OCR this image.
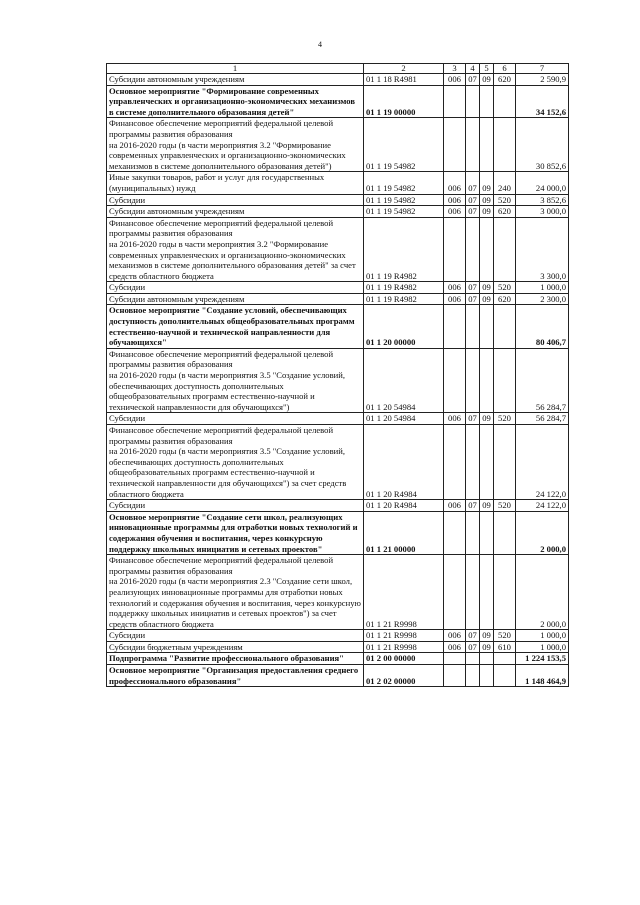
4
1	2	3	4	5	6	7
Субсидии автономным учреждениям	01 1 18 R4981	006	07	09	620	2 590,9
Основное мероприятие "Формирование современных управленческих и организационно-экономических механизмов в системе дополнительного образования детей"	01 1 19 00000					34 152,6
Финансовое обеспечение мероприятий федеральной целевой программы развития образования
на 2016-2020 годы (в части мероприятия 3.2 "Формирование современных управленческих и организационно-экономических механизмов в системе дополнительного образования детей")	01 1 19 54982					30 852,6
Иные закупки товаров, работ и услуг для государственных (муниципальных) нужд	01 1 19 54982	006	07	09	240	24 000,0
Субсидии	01 1 19 54982	006	07	09	520	3 852,6
Субсидии автономным учреждениям	01 1 19 54982	006	07	09	620	3 000,0
Финансовое обеспечение мероприятий федеральной целевой программы развития образования
на 2016-2020 годы в части мероприятия 3.2 "Формирование современных управленческих и организационно-экономических механизмов в системе дополнительного образования детей" за счет средств областного бюджета	01 1 19 R4982					3 300,0
Субсидии	01 1 19 R4982	006	07	09	520	1 000,0
Субсидии автономным учреждениям	01 1 19 R4982	006	07	09	620	2 300,0
Основное мероприятие "Создание условий, обеспечивающих доступность дополнительных общеобразовательных программ естественно-научной и технической направленности для обучающихся"	01 1 20 00000					80 406,7
Финансовое обеспечение мероприятий федеральной целевой программы развития образования
на 2016-2020 годы (в части мероприятия 3.5 "Создание условий, обеспечивающих доступность дополнительных общеобразовательных программ естественно-научной и технической направленности для обучающихся")	01 1 20 54984					56 284,7
Субсидии	01 1 20 54984	006	07	09	520	56 284,7
Финансовое обеспечение мероприятий федеральной целевой программы развития образования
на 2016-2020 годы (в части мероприятия 3.5 "Создание условий, обеспечивающих доступность дополнительных общеобразовательных программ естественно-научной и технической направленности для обучающихся") за счет средств областного бюджета	01 1 20 R4984					24 122,0
Субсидии	01 1 20 R4984	006	07	09	520	24 122,0
Основное мероприятие "Создание сети школ, реализующих инновационные программы для отработки новых технологий и содержания обучения и воспитания, через конкурсную поддержку школьных инициатив и сетевых проектов"	01 1 21 00000					2 000,0
Финансовое обеспечение мероприятий федеральной целевой программы развития образования
на 2016-2020 годы (в части мероприятия 2.3 "Создание сети школ, реализующих инновационные программы для отработки новых технологий и содержания обучения и воспитания, через конкурсную поддержку школьных инициатив и сетевых проектов") за счет средств областного бюджета	01 1 21 R9998					2 000,0
Субсидии	01 1 21 R9998	006	07	09	520	1 000,0
Субсидии бюджетным учреждениям	01 1 21 R9998	006	07	09	610	1 000,0
Подпрограмма "Развитие профессионального образования"	01 2 00 00000					1 224 153,5
Основное мероприятие "Организация предоставления среднего профессионального образования"	01 2 02 00000					1 148 464,9
